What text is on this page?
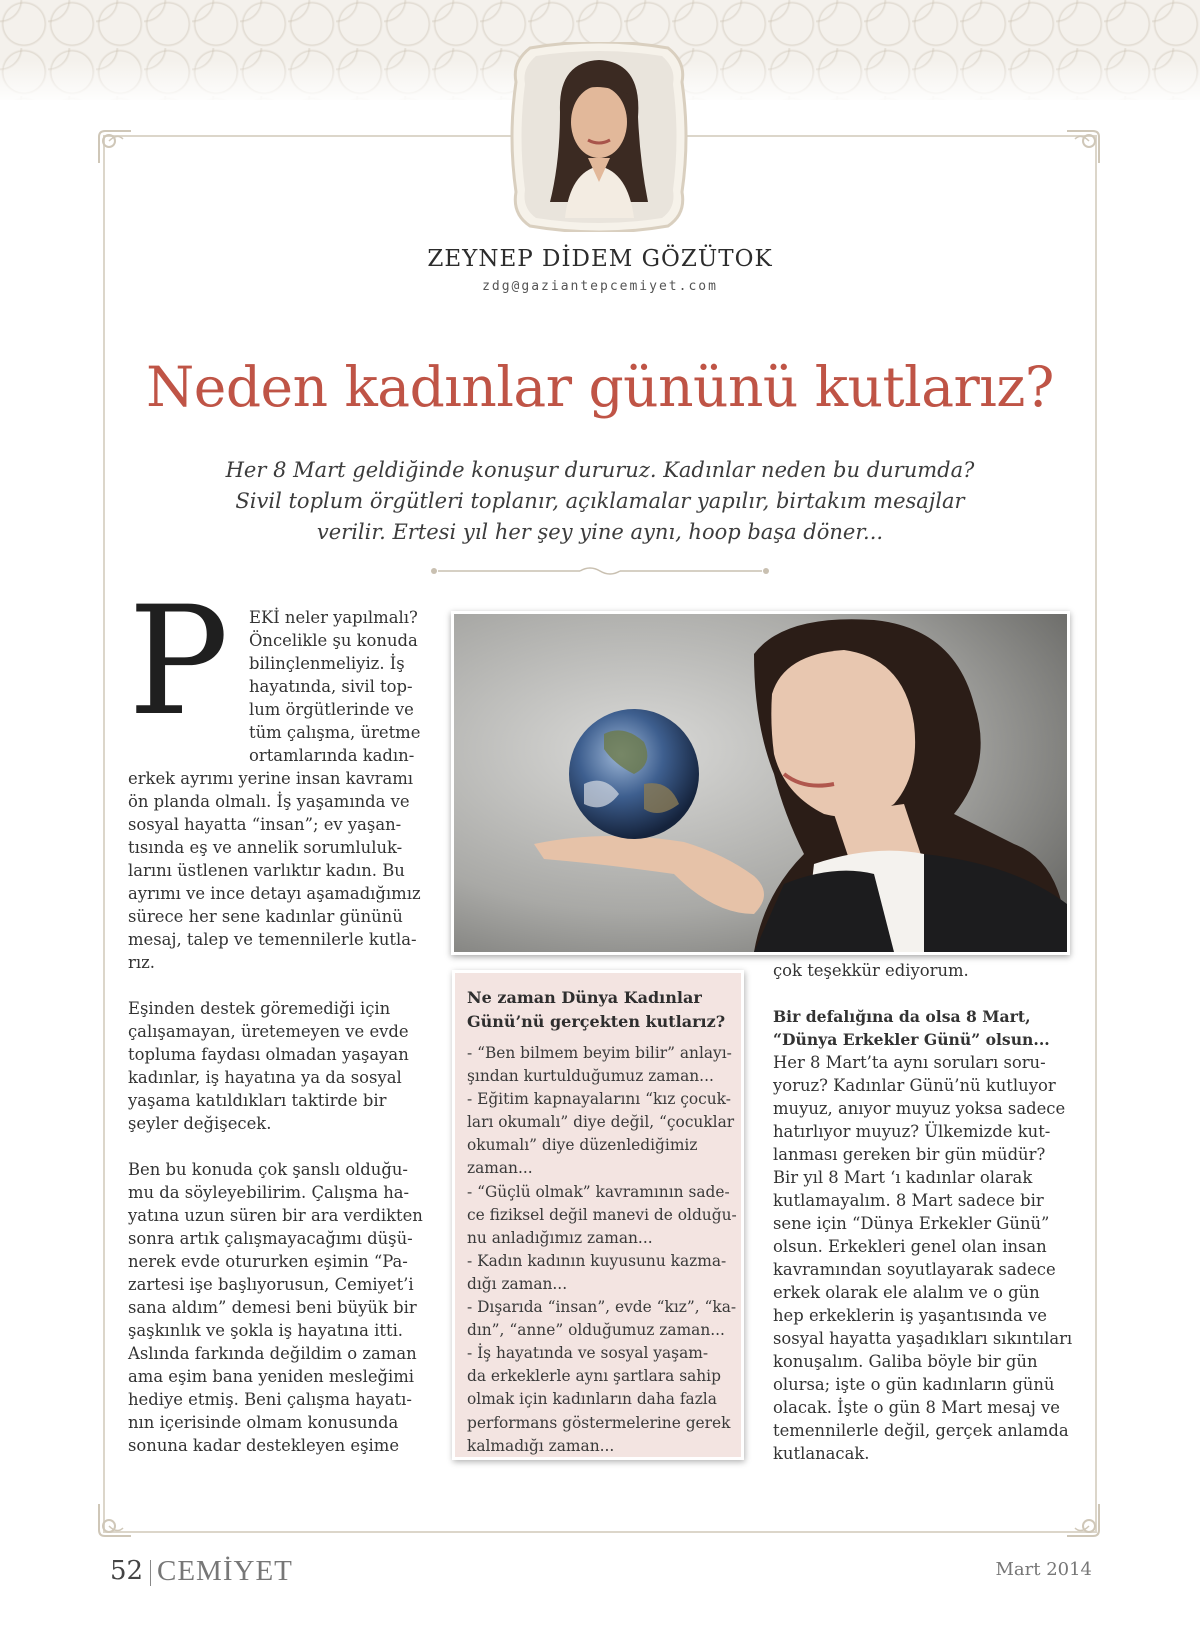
ZEYNEP DİDEM GÖZÜTOK
zdg@gaziantepcemiyet.com
Neden kadınlar gününü kutlarız?
Her 8 Mart geldiğinde konuşur dururuz. Kadınlar neden bu durumda?
Sivil toplum örgütleri toplanır, açıklamalar yapılır, birtakım mesajlar
verilir. Ertesi yıl her şey yine aynı, hoop başa döner...
P	EKİ neler yapılmalı?
Öncelikle şu konuda
bilinçlenmeliyiz. İş
hayatında, sivil top-
lum örgütlerinde ve
tüm çalışma, üretme
ortamlarında kadın-
erkek ayrımı yerine insan kavramı
ön planda olmalı. İş yaşamında ve
sosyal hayatta “insan”; ev yaşan-
tısında eş ve annelik sorumluluk-
larını üstlenen varlıktır kadın. Bu
ayrımı ve ince detayı aşamadığımız
sürece her sene kadınlar gününü
mesaj, talep ve temennilerle kutla-
rız.
Eşinden destek göremediği için
çalışamayan, üretemeyen ve evde
topluma faydası olmadan yaşayan
kadınlar, iş hayatına ya da sosyal
yaşama katıldıkları taktirde bir
şeyler değişecek.
Ben bu konuda çok şanslı olduğu-
mu da söyleyebilirim. Çalışma ha-
yatına uzun süren bir ara verdikten
sonra artık çalışmayacağımı düşü-
nerek evde otururken eşimin “Pa-
zartesi işe başlıyorusun, Cemiyet’i
sana aldım” demesi beni büyük bir
şaşkınlık ve şokla iş hayatına itti.
Aslında farkında değildim o zaman
ama eşim bana yeniden mesleğimi
hediye etmiş. Beni çalışma hayatı-
nın içerisinde olmam konusunda
sonuna kadar destekleyen eşime
Ne zaman Dünya Kadınlar
Günü’nü gerçekten kutlarız?
- “Ben bilmem beyim bilir” anlayı-
şından kurtulduğumuz zaman...
- Eğitim kapnayalarını “kız çocuk-
ları okumalı” diye değil, “çocuklar
okumalı” diye düzenlediğimiz
zaman...
- “Güçlü olmak” kavramının sade-
ce fiziksel değil manevi de olduğu-
nu anladığımız zaman...
- Kadın kadının kuyusunu kazma-
dığı zaman...
- Dışarıda “insan”, evde “kız”, “ka-
dın”, “anne” olduğumuz zaman...
- İş hayatında ve sosyal yaşam-
da erkeklerle aynı şartlara sahip
olmak için kadınların daha fazla
performans göstermelerine gerek
kalmadığı zaman...
çok teşekkür ediyorum.
Bir defalığına da olsa 8 Mart,
“Dünya Erkekler Günü” olsun...
Her 8 Mart’ta aynı soruları soru-
yoruz? Kadınlar Günü’nü kutluyor
muyuz, anıyor muyuz yoksa sadece
hatırlıyor muyuz? Ülkemizde kut-
lanması gereken bir gün müdür?
Bir yıl 8 Mart ‘ı kadınlar olarak
kutlamayalım. 8 Mart sadece bir
sene için “Dünya Erkekler Günü”
olsun. Erkekleri genel olan insan
kavramından soyutlayarak sadece
erkek olarak ele alalım ve o gün
hep erkeklerin iş yaşantısında ve
sosyal hayatta yaşadıkları sıkıntıları
konuşalım. Galiba böyle bir gün
olursa; işte o gün kadınların günü
olacak. İşte o gün 8 Mart mesaj ve
temennilerle değil, gerçek anlamda
kutlanacak.
52 CEMİYET	Mart 2014
